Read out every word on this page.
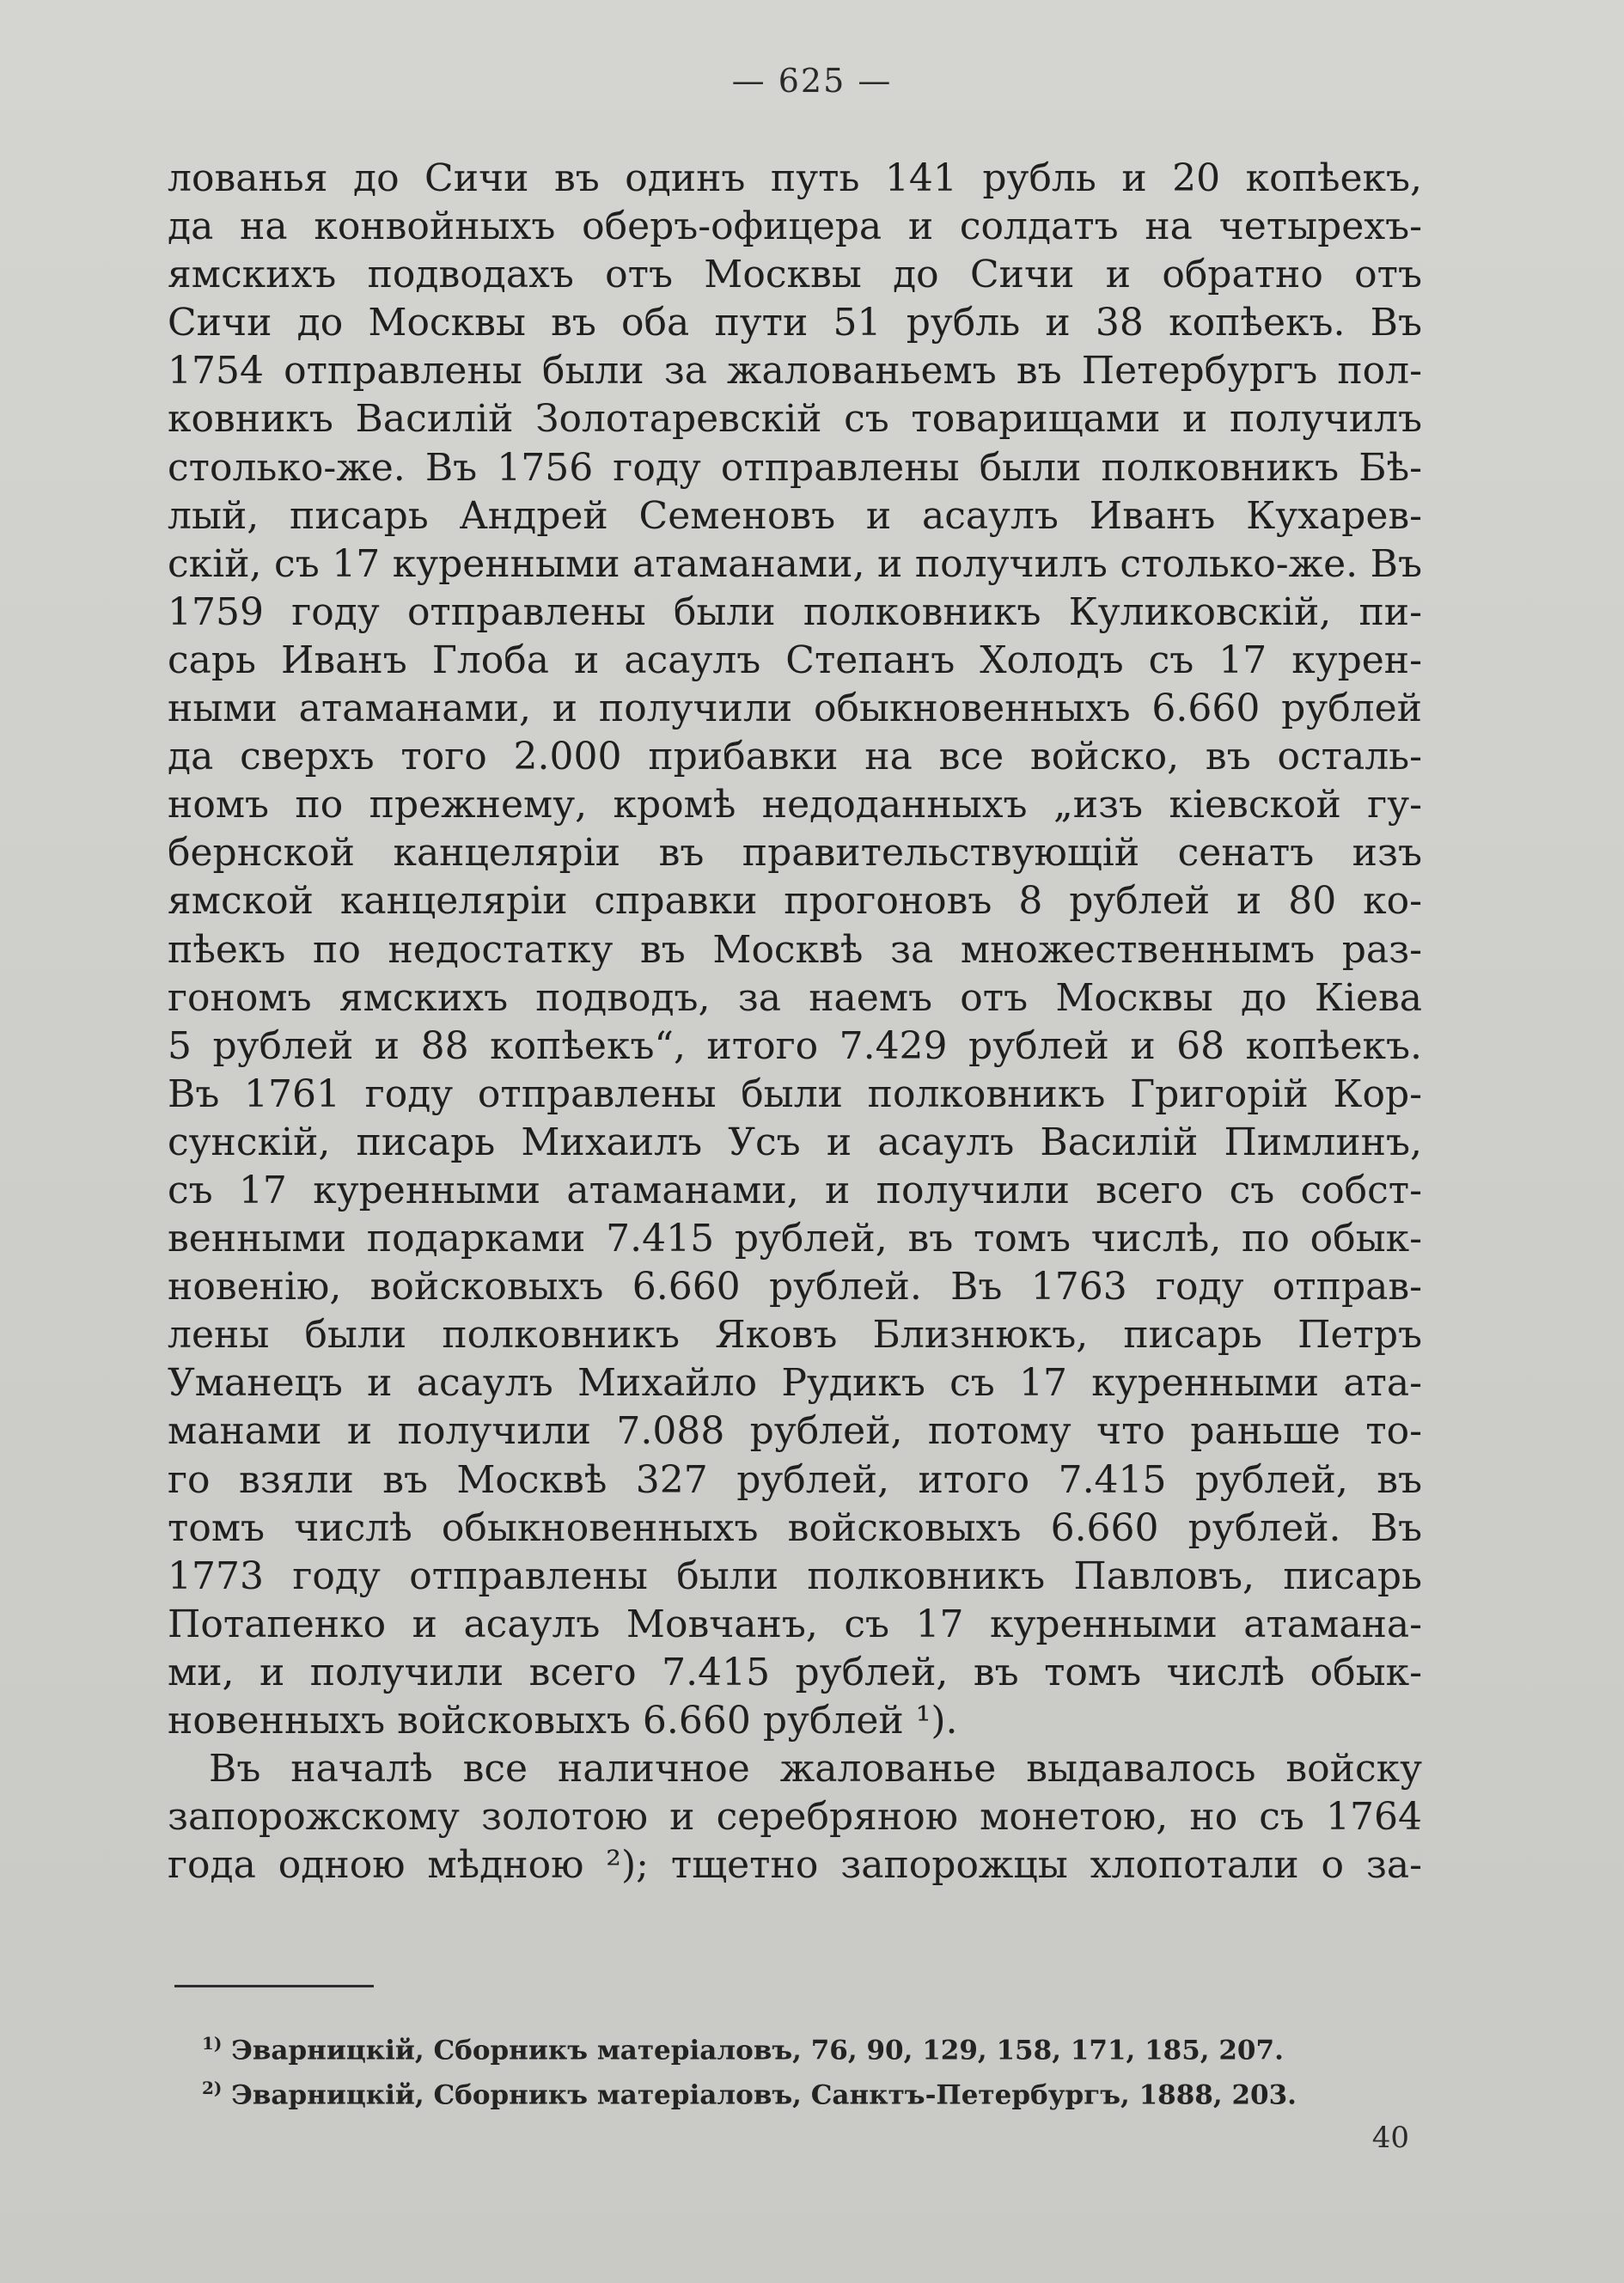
— 625 —
лованья до Сичи въ одинъ путь 141 рубль и 20 копѣекъ,
да на конвойныхъ оберъ-офицера и солдатъ на четырехъ-
ямскихъ подводахъ отъ Москвы до Сичи и обратно отъ
Сичи до Москвы въ оба пути 51 рубль и 38 копѣекъ. Въ
1754 отправлены были за жалованьемъ въ Петербургъ пол-
ковникъ Василій Золотаревскій съ товарищами и получилъ
столько-же. Въ 1756 году отправлены были полковникъ Бѣ-
лый, писарь Андрей Семеновъ и асаулъ Иванъ Кухарев-
скій, съ 17 куренными атаманами, и получилъ столько-же. Въ
1759 году отправлены были полковникъ Куликовскій, пи-
сарь Иванъ Глоба и асаулъ Степанъ Холодъ съ 17 курен-
ными атаманами, и получили обыкновенныхъ 6.660 рублей
да сверхъ того 2.000 прибавки на все войско, въ осталь-
номъ по прежнему, кромѣ недоданныхъ „изъ кіевской гу-
бернской канцеляріи въ правительствующій сенатъ изъ
ямской канцеляріи справки прогоновъ 8 рублей и 80 ко-
пѣекъ по недостатку въ Москвѣ за множественнымъ раз-
гономъ ямскихъ подводъ, за наемъ отъ Москвы до Кіева
5 рублей и 88 копѣекъ“, итого 7.429 рублей и 68 копѣекъ.
Въ 1761 году отправлены были полковникъ Григорій Кор-
сунскій, писарь Михаилъ Усъ и асаулъ Василій Пимлинъ,
съ 17 куренными атаманами, и получили всего съ собст-
венными подарками 7.415 рублей, въ томъ числѣ, по обык-
новенію, войсковыхъ 6.660 рублей. Въ 1763 году отправ-
лены были полковникъ Яковъ Близнюкъ, писарь Петръ
Уманецъ и асаулъ Михайло Рудикъ съ 17 куренными ата-
манами и получили 7.088 рублей, потому что раньше то-
го взяли въ Москвѣ 327 рублей, итого 7.415 рублей, въ
томъ числѣ обыкновенныхъ войсковыхъ 6.660 рублей. Въ
1773 году отправлены были полковникъ Павловъ, писарь
Потапенко и асаулъ Мовчанъ, съ 17 куренными атамана-
ми, и получили всего 7.415 рублей, въ томъ числѣ обык-
новенныхъ войсковыхъ 6.660 рублей ¹).
Въ началѣ все наличное жалованье выдавалось войску
запорожскому золотою и серебряною монетою, но съ 1764
года одною мѣдною ²); тщетно запорожцы хлопотали о за-
$^{1)}$ Эварницкій, Сборникъ матеріаловъ, 76, 90, 129, 158, 171, 185, 207.
$^{2)}$ Эварницкій, Сборникъ матеріаловъ, Санктъ-Петербургъ, 1888, 203.
40
